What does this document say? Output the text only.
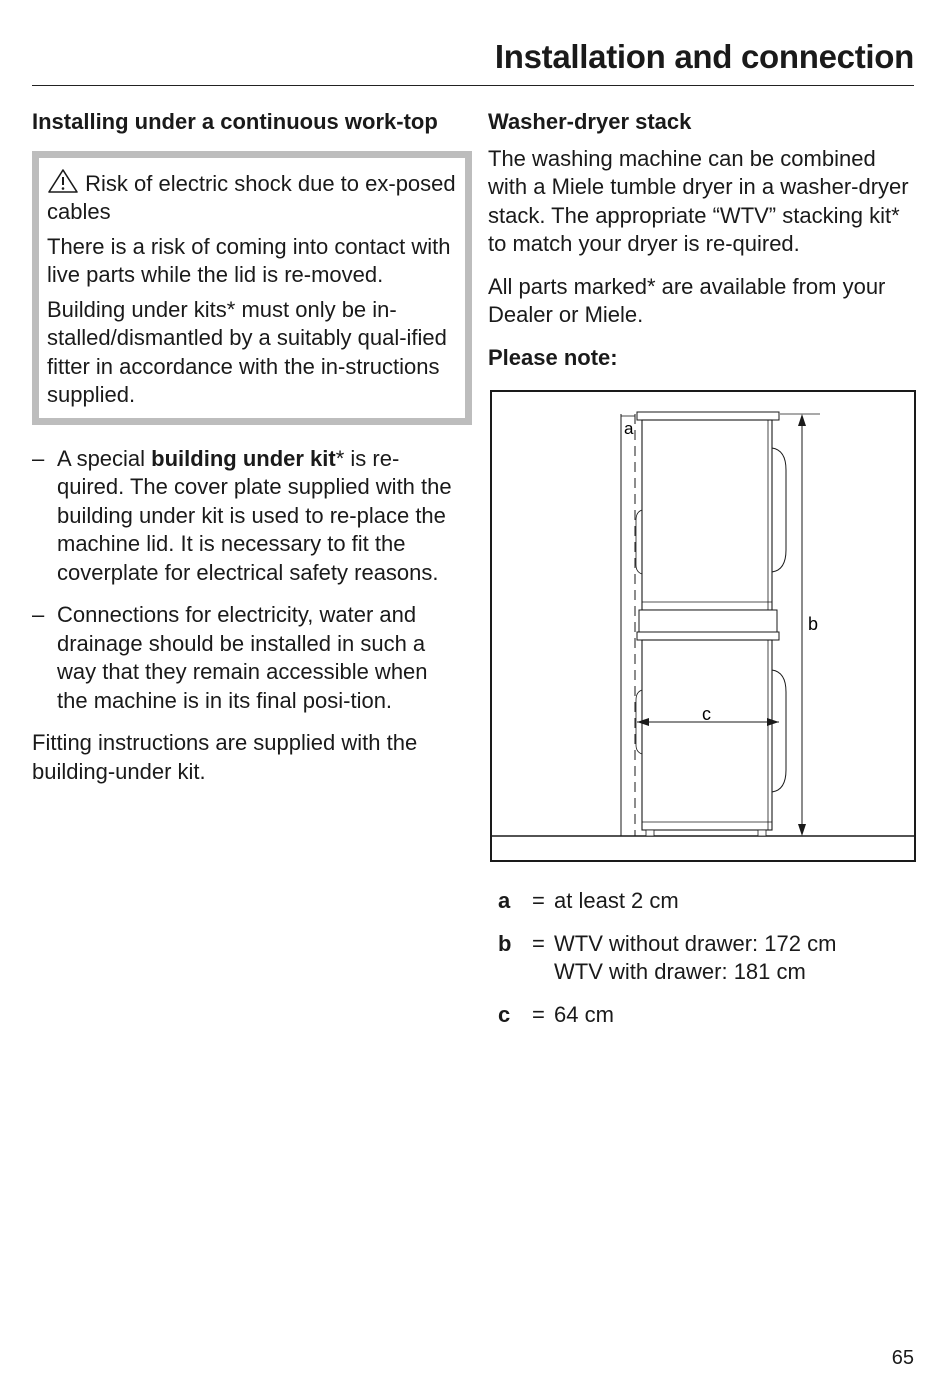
Installation and connection
Installing under a continuous work-top
Risk of electric shock due to ex-posed cables
There is a risk of coming into contact with live parts while the lid is re-moved.
Building under kits* must only be in-stalled/dismantled by a suitably qual-ified fitter in accordance with the in-structions supplied.
– A special building under kit* is re-quired. The cover plate supplied with the building under kit is used to re-place the machine lid. It is necessary to fit the coverplate for electrical safety reasons.
– Connections for electricity, water and drainage should be installed in such a way that they remain accessible when the machine is in its final posi-tion.
Fitting instructions are supplied with the building-under kit.
Washer-dryer stack
The washing machine can be combined with a Miele tumble dryer in a washer-dryer stack. The appropriate “WTV” stacking kit* to match your dryer is re-quired.
All parts marked* are available from your Dealer or Miele.
Please note:
a
b
c
a = at least 2 cm
b = WTV without drawer: 172 cm
WTV with drawer: 181 cm
c = 64 cm
65
